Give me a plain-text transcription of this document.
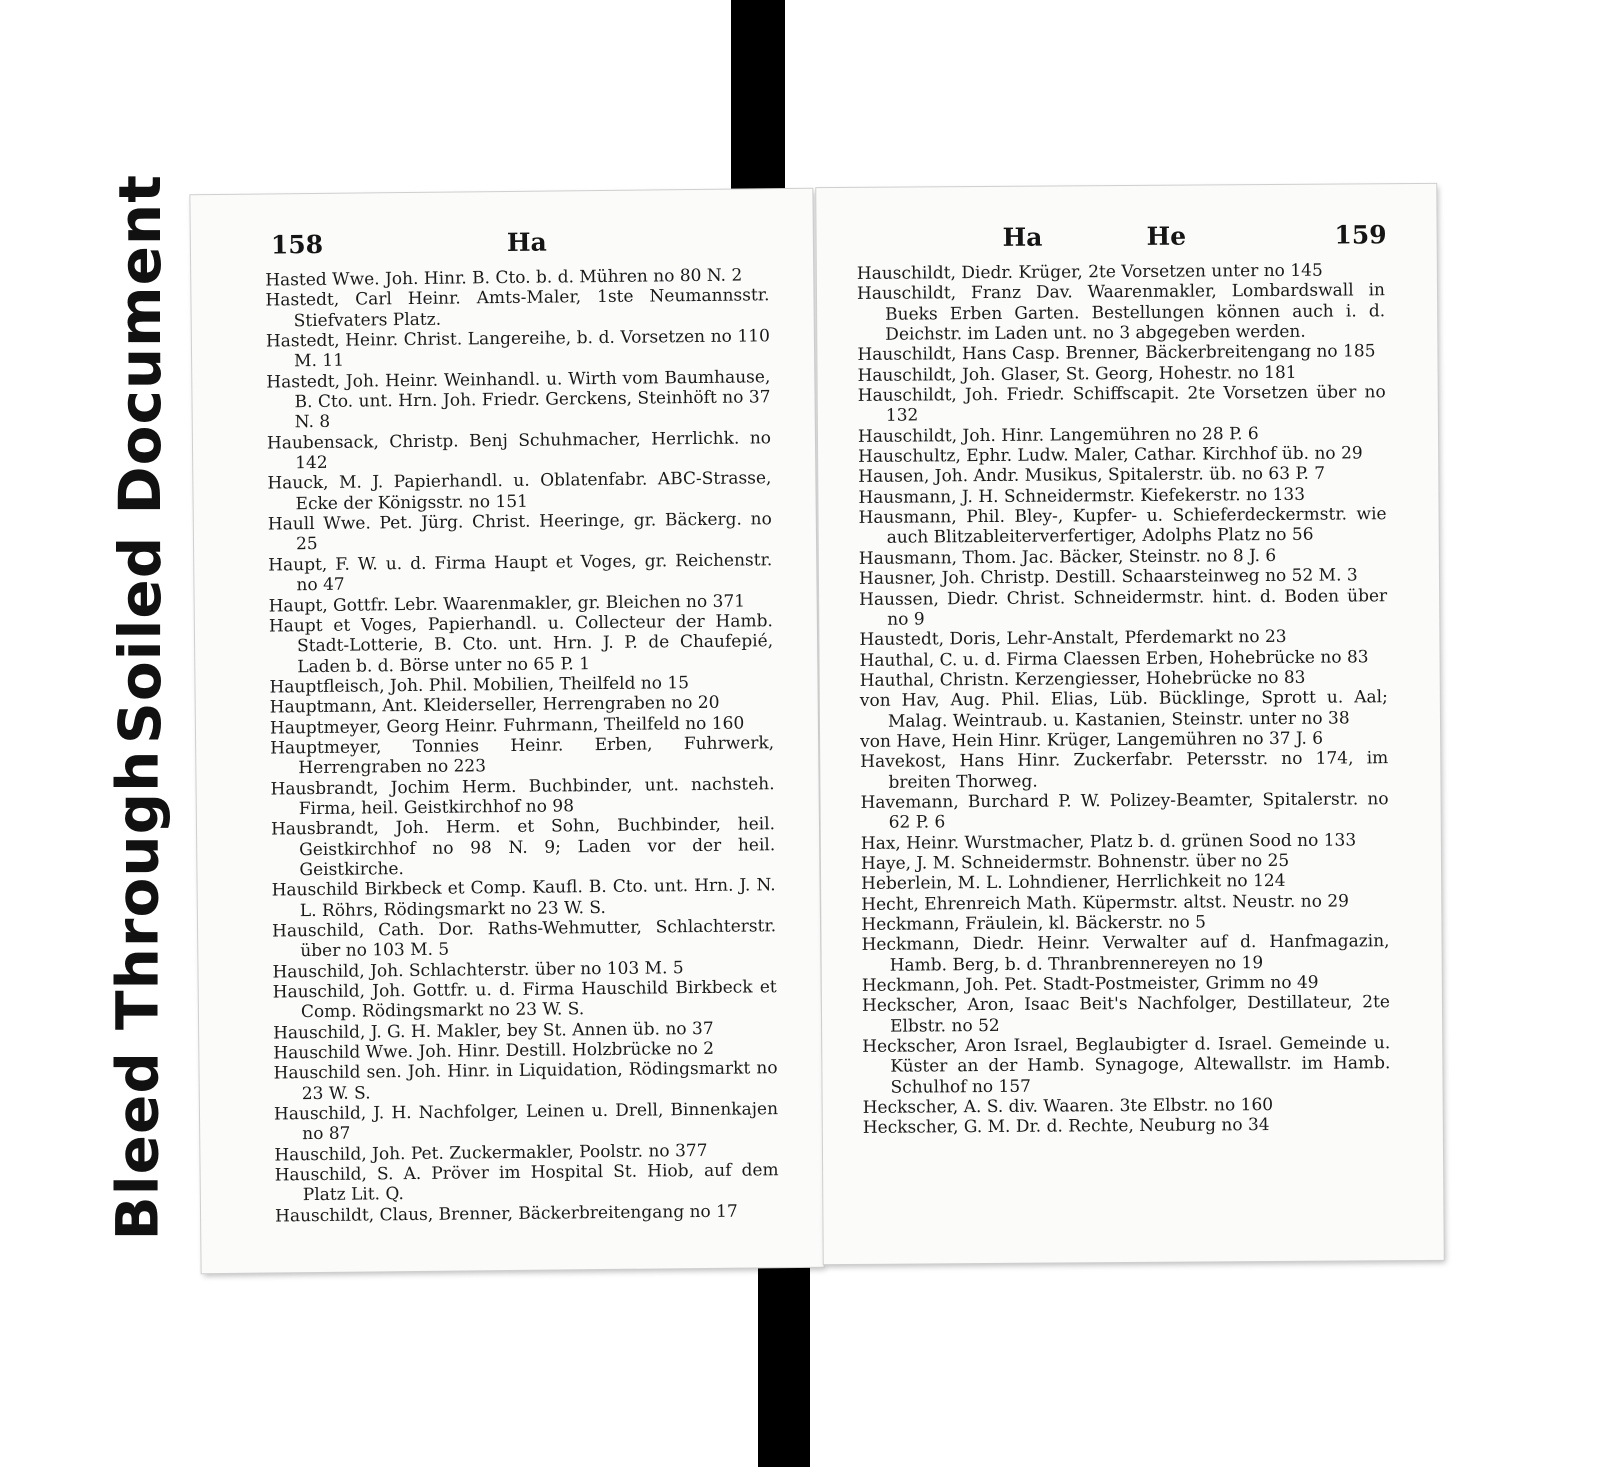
Soiled Document
Bleed Through
158	Ha
Hasted Wwe. Joh. Hinr. B. Cto. b. d. Mühren no 80 N. 2
Hastedt, Carl Heinr. Amts-Maler, 1ste Neumannsstr. Stiefvaters Platz.
Hastedt, Heinr. Christ. Langereihe, b. d. Vorsetzen no 110 M. 11
Hastedt, Joh. Heinr. Weinhandl. u. Wirth vom Baumhause, B. Cto. unt. Hrn. Joh. Friedr. Gerckens, Steinhöft no 37 N. 8
Haubensack, Christp. Benj Schuhmacher, Herrlichk. no 142
Hauck, M. J. Papierhandl. u. Oblatenfabr. ABC-Strasse, Ecke der Königsstr. no 151
Haull Wwe. Pet. Jürg. Christ. Heeringe, gr. Bäckerg. no 25
Haupt, F. W. u. d. Firma Haupt et Voges, gr. Reichenstr. no 47
Haupt, Gottfr. Lebr. Waarenmakler, gr. Bleichen no 371
Haupt et Voges, Papierhandl. u. Collecteur der Hamb. Stadt-Lotterie, B. Cto. unt. Hrn. J. P. de Chaufepié, Laden b. d. Börse unter no 65 P. 1
Hauptfleisch, Joh. Phil. Mobilien, Theilfeld no 15
Hauptmann, Ant. Kleiderseller, Herrengraben no 20
Hauptmeyer, Georg Heinr. Fuhrmann, Theilfeld no 160
Hauptmeyer, Tonnies Heinr. Erben, Fuhrwerk, Herrengraben no 223
Hausbrandt, Jochim Herm. Buchbinder, unt. nachsteh. Firma, heil. Geistkirchhof no 98
Hausbrandt, Joh. Herm. et Sohn, Buchbinder, heil. Geistkirchhof no 98 N. 9; Laden vor der heil. Geistkirche.
Hauschild Birkbeck et Comp. Kaufl. B. Cto. unt. Hrn. J. N. L. Röhrs, Rödingsmarkt no 23 W. S.
Hauschild, Cath. Dor. Raths-Wehmutter, Schlachterstr. über no 103 M. 5
Hauschild, Joh. Schlachterstr. über no 103 M. 5
Hauschild, Joh. Gottfr. u. d. Firma Hauschild Birkbeck et Comp. Rödingsmarkt no 23 W. S.
Hauschild, J. G. H. Makler, bey St. Annen üb. no 37
Hauschild Wwe. Joh. Hinr. Destill. Holzbrücke no 2
Hauschild sen. Joh. Hinr. in Liquidation, Rödingsmarkt no 23 W. S.
Hauschild, J. H. Nachfolger, Leinen u. Drell, Binnenkajen no 87
Hauschild, Joh. Pet. Zuckermakler, Poolstr. no 377
Hauschild, S. A. Pröver im Hospital St. Hiob, auf dem Platz Lit. Q.
Hauschildt, Claus, Brenner, Bäckerbreitengang no 17
Ha	He	159
Hauschildt, Diedr. Krüger, 2te Vorsetzen unter no 145
Hauschildt, Franz Dav. Waarenmakler, Lombardswall in Bueks Erben Garten. Bestellungen können auch i. d. Deichstr. im Laden unt. no 3 abgegeben werden.
Hauschildt, Hans Casp. Brenner, Bäckerbreitengang no 185
Hauschildt, Joh. Glaser, St. Georg, Hohestr. no 181
Hauschildt, Joh. Friedr. Schiffscapit. 2te Vorsetzen über no 132
Hauschildt, Joh. Hinr. Langemühren no 28 P. 6
Hauschultz, Ephr. Ludw. Maler, Cathar. Kirchhof üb. no 29
Hausen, Joh. Andr. Musikus, Spitalerstr. üb. no 63 P. 7
Hausmann, J. H. Schneidermstr. Kiefekerstr. no 133
Hausmann, Phil. Bley-, Kupfer- u. Schieferdeckermstr. wie auch Blitzableiterverfertiger, Adolphs Platz no 56
Hausmann, Thom. Jac. Bäcker, Steinstr. no 8 J. 6
Hausner, Joh. Christp. Destill. Schaarsteinweg no 52 M. 3
Haussen, Diedr. Christ. Schneidermstr. hint. d. Boden über no 9
Haustedt, Doris, Lehr-Anstalt, Pferdemarkt no 23
Hauthal, C. u. d. Firma Claessen Erben, Hohebrücke no 83
Hauthal, Christn. Kerzengiesser, Hohebrücke no 83
von Hav, Aug. Phil. Elias, Lüb. Bücklinge, Sprott u. Aal; Malag. Weintraub. u. Kastanien, Steinstr. unter no 38
von Have, Hein Hinr. Krüger, Langemühren no 37 J. 6
Havekost, Hans Hinr. Zuckerfabr. Petersstr. no 174, im breiten Thorweg.
Havemann, Burchard P. W. Polizey-Beamter, Spitalerstr. no 62 P. 6
Hax, Heinr. Wurstmacher, Platz b. d. grünen Sood no 133
Haye, J. M. Schneidermstr. Bohnenstr. über no 25
Heberlein, M. L. Lohndiener, Herrlichkeit no 124
Hecht, Ehrenreich Math. Küpermstr. altst. Neustr. no 29
Heckmann, Fräulein, kl. Bäckerstr. no 5
Heckmann, Diedr. Heinr. Verwalter auf d. Hanfmagazin, Hamb. Berg, b. d. Thranbrennereyen no 19
Heckmann, Joh. Pet. Stadt-Postmeister, Grimm no 49
Heckscher, Aron, Isaac Beit's Nachfolger, Destillateur, 2te Elbstr. no 52
Heckscher, Aron Israel, Beglaubigter d. Israel. Gemeinde u. Küster an der Hamb. Synagoge, Altewallstr. im Hamb. Schulhof no 157
Heckscher, A. S. div. Waaren. 3te Elbstr. no 160
Heckscher, G. M. Dr. d. Rechte, Neuburg no 34
